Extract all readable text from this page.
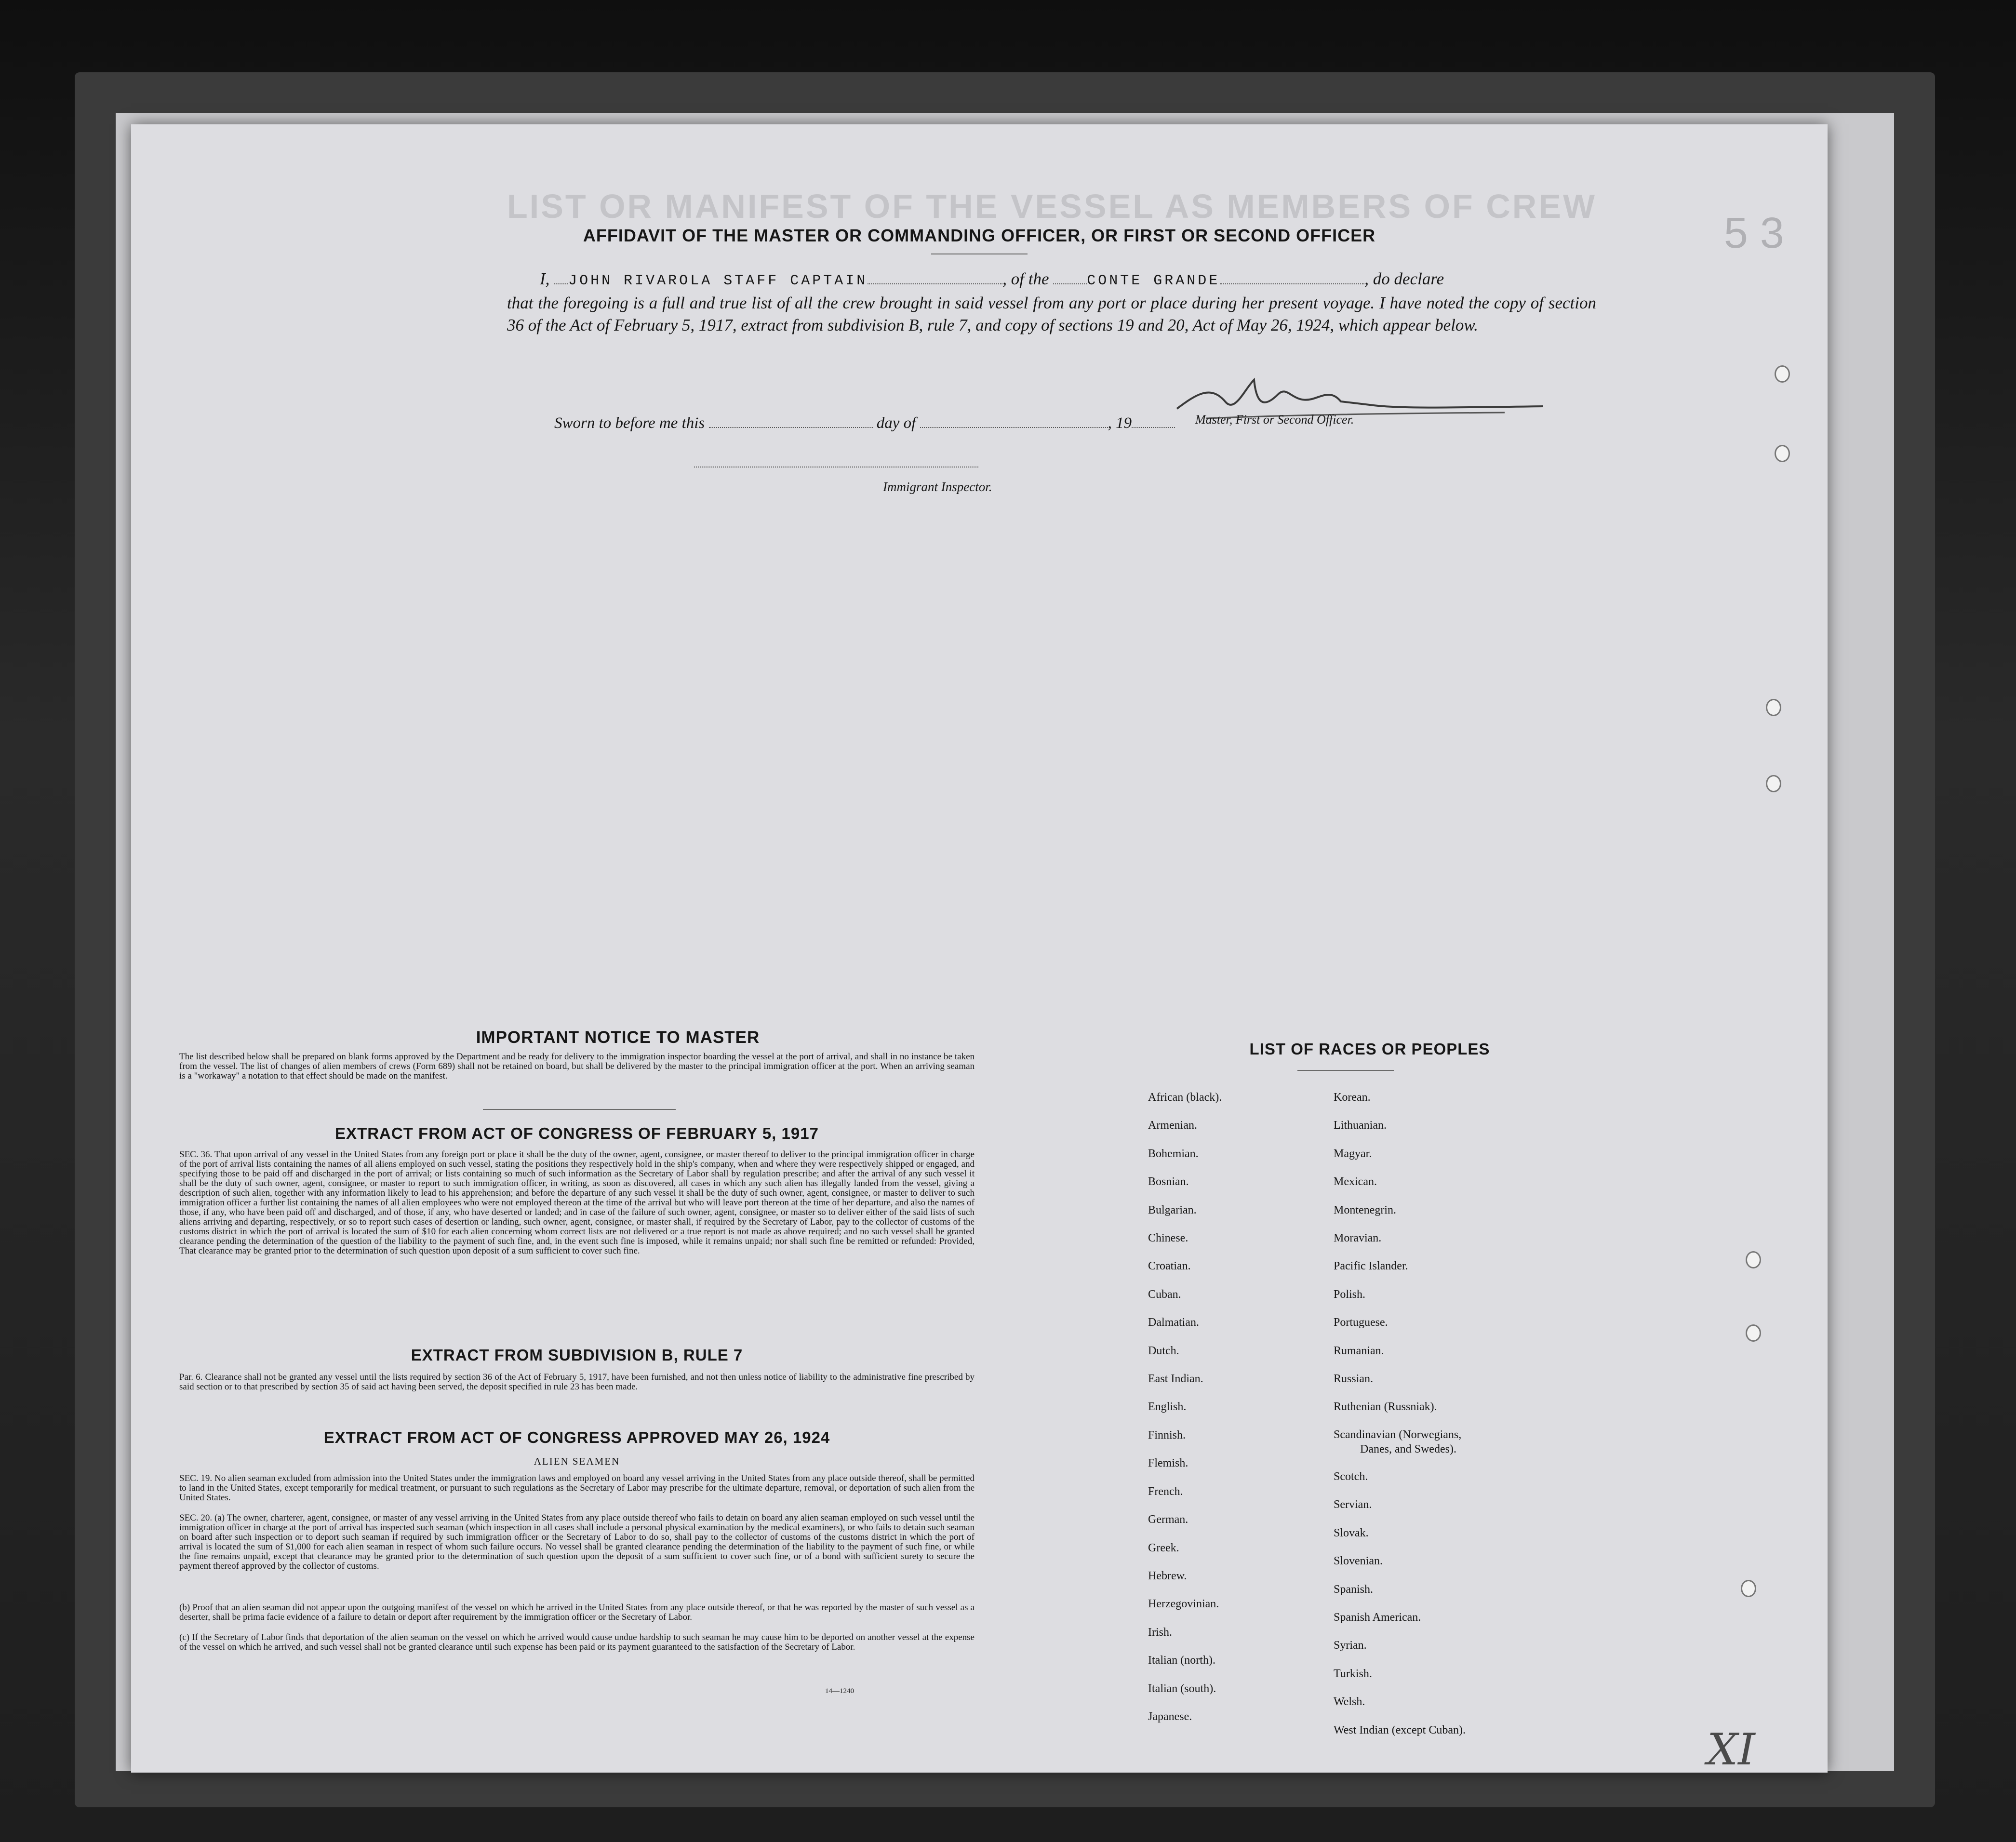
LIST OR MANIFEST OF THE VESSEL AS MEMBERS OF CREW
5 3
AFFIDAVIT OF THE MASTER OR COMMANDING OFFICER, OR FIRST OR SECOND OFFICER
I, JOHN RIVAROLA STAFF CAPTAIN	, of the	CONTE GRANDE	, do declare
that the foregoing is a full and true list of all the crew brought in said vessel from any port or place during her present voyage. I have noted the copy of section 36 of the Act of February 5, 1917, extract from subdivision B, rule 7, and copy of sections 19 and 20, Act of May 26, 1924, which appear below.
Sworn to before me this	day of	, 19	Master, First or Second Officer.
Immigrant Inspector.
IMPORTANT NOTICE TO MASTER
The list described below shall be prepared on blank forms approved by the Department and be ready for delivery to the immigration inspector boarding the vessel at the port of arrival, and shall in no instance be taken from the vessel. The list of changes of alien members of crews (Form 689) shall not be retained on board, but shall be delivered by the master to the principal immigration officer at the port. When an arriving seaman is a "workaway" a notation to that effect should be made on the manifest.
EXTRACT FROM ACT OF CONGRESS OF FEBRUARY 5, 1917
SEC. 36. That upon arrival of any vessel in the United States from any foreign port or place it shall be the duty of the owner, agent, consignee, or master thereof to deliver to the principal immigration officer in charge of the port of arrival lists containing the names of all aliens employed on such vessel, stating the positions they respectively hold in the ship's company, when and where they were respectively shipped or engaged, and specifying those to be paid off and discharged in the port of arrival; or lists containing so much of such information as the Secretary of Labor shall by regulation prescribe; and after the arrival of any such vessel it shall be the duty of such owner, agent, consignee, or master to report to such immigration officer, in writing, as soon as discovered, all cases in which any such alien has illegally landed from the vessel, giving a description of such alien, together with any information likely to lead to his apprehension; and before the departure of any such vessel it shall be the duty of such owner, agent, consignee, or master to deliver to such immigration officer a further list containing the names of all alien employees who were not employed thereon at the time of the arrival but who will leave port thereon at the time of her departure, and also the names of those, if any, who have been paid off and discharged, and of those, if any, who have deserted or landed; and in case of the failure of such owner, agent, consignee, or master so to deliver either of the said lists of such aliens arriving and departing, respectively, or so to report such cases of desertion or landing, such owner, agent, consignee, or master shall, if required by the Secretary of Labor, pay to the collector of customs of the customs district in which the port of arrival is located the sum of $10 for each alien concerning whom correct lists are not delivered or a true report is not made as above required; and no such vessel shall be granted clearance pending the determination of the question of the liability to the payment of such fine, and, in the event such fine is imposed, while it remains unpaid; nor shall such fine be remitted or refunded: Provided, That clearance may be granted prior to the determination of such question upon deposit of a sum sufficient to cover such fine.
EXTRACT FROM SUBDIVISION B, RULE 7
Par. 6. Clearance shall not be granted any vessel until the lists required by section 36 of the Act of February 5, 1917, have been furnished, and not then unless notice of liability to the administrative fine prescribed by said section or to that prescribed by section 35 of said act having been served, the deposit specified in rule 23 has been made.
EXTRACT FROM ACT OF CONGRESS APPROVED MAY 26, 1924
ALIEN SEAMEN
SEC. 19. No alien seaman excluded from admission into the United States under the immigration laws and employed on board any vessel arriving in the United States from any place outside thereof, shall be permitted to land in the United States, except temporarily for medical treatment, or pursuant to such regulations as the Secretary of Labor may prescribe for the ultimate departure, removal, or deportation of such alien from the United States.
SEC. 20. (a) The owner, charterer, agent, consignee, or master of any vessel arriving in the United States from any place outside thereof who fails to detain on board any alien seaman employed on such vessel until the immigration officer in charge at the port of arrival has inspected such seaman (which inspection in all cases shall include a personal physical examination by the medical examiners), or who fails to detain such seaman on board after such inspection or to deport such seaman if required by such immigration officer or the Secretary of Labor to do so, shall pay to the collector of customs of the customs district in which the port of arrival is located the sum of $1,000 for each alien seaman in respect of whom such failure occurs. No vessel shall be granted clearance pending the determination of the liability to the payment of such fine, or while the fine remains unpaid, except that clearance may be granted prior to the determination of such question upon the deposit of a sum sufficient to cover such fine, or of a bond with sufficient surety to secure the payment thereof approved by the collector of customs.
(b) Proof that an alien seaman did not appear upon the outgoing manifest of the vessel on which he arrived in the United States from any place outside thereof, or that he was reported by the master of such vessel as a deserter, shall be prima facie evidence of a failure to detain or deport after requirement by the immigration officer or the Secretary of Labor.
(c) If the Secretary of Labor finds that deportation of the alien seaman on the vessel on which he arrived would cause undue hardship to such seaman he may cause him to be deported on another vessel at the expense of the vessel on which he arrived, and such vessel shall not be granted clearance until such expense has been paid or its payment guaranteed to the satisfaction of the Secretary of Labor.
14—1240
LIST OF RACES OR PEOPLES
African (black).
Armenian.
Bohemian.
Bosnian.
Bulgarian.
Chinese.
Croatian.
Cuban.
Dalmatian.
Dutch.
East Indian.
English.
Finnish.
Flemish.
French.
German.
Greek.
Hebrew.
Herzegovinian.
Irish.
Italian (north).
Italian (south).
Japanese.
Korean.
Lithuanian.
Magyar.
Mexican.
Montenegrin.
Moravian.
Pacific Islander.
Polish.
Portuguese.
Rumanian.
Russian.
Ruthenian (Russniak).
Scandinavian (Norwegians,
Danes, and Swedes).
Scotch.
Servian.
Slovak.
Slovenian.
Spanish.
Spanish American.
Syrian.
Turkish.
Welsh.
West Indian (except Cuban).	XI
